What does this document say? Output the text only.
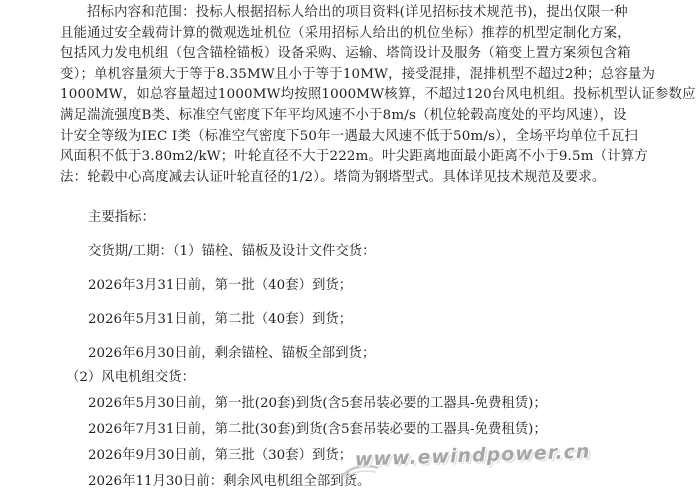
招标内容和范围：投标人根据招标人给出的项目资料(详见招标技术规范书)，提出仅限一种
且能通过安全载荷计算的微观选址机位（采用招标人给出的机位坐标）推荐的机型定制化方案，
包括风力发电机组（包含锚栓锚板）设备采购、运输、塔筒设计及服务（箱变上置方案须包含箱
变）；单机容量须大于等于8.35MW且小于等于10MW，接受混排，混排机型不超过2种；总容量为
1000MW，如总容量超过1000MW均按照1000MW核算，不超过120台风电机组。投标机型认证参数应
满足湍流强度B类、标准空气密度下年平均风速不小于8m/s（机位轮毂高度处的平均风速），设
计安全等级为IEC I类（标准空气密度下50年一遇最大风速不低于50m/s），全场平均单位千瓦扫
风面积不低于3.80m2/kW；叶轮直径不大于222m。叶尖距离地面最小距离不小于9.5m（计算方
法：轮毂中心高度减去认证叶轮直径的1/2）。塔筒为钢塔型式。具体详见技术规范及要求。

主要指标：

交货期/工期：（1）锚栓、锚板及设计文件交货：

2026年3月31日前，第一批（40套）到货；

2026年5月31日前，第二批（40套）到货；

2026年6月30日前，剩余锚栓、锚板全部到货；

（2）风电机组交货：

2026年5月30日前，第一批(20套)到货(含5套吊装必要的工器具-免费租赁)；

2026年7月31日前，第二批(30套)到货(含5套吊装必要的工器具-免费租赁)；

2026年9月30日前，第三批（30套）到货；

2026年11月30日前：剩余风电机组全部到货。

www.ewindpower.cn
